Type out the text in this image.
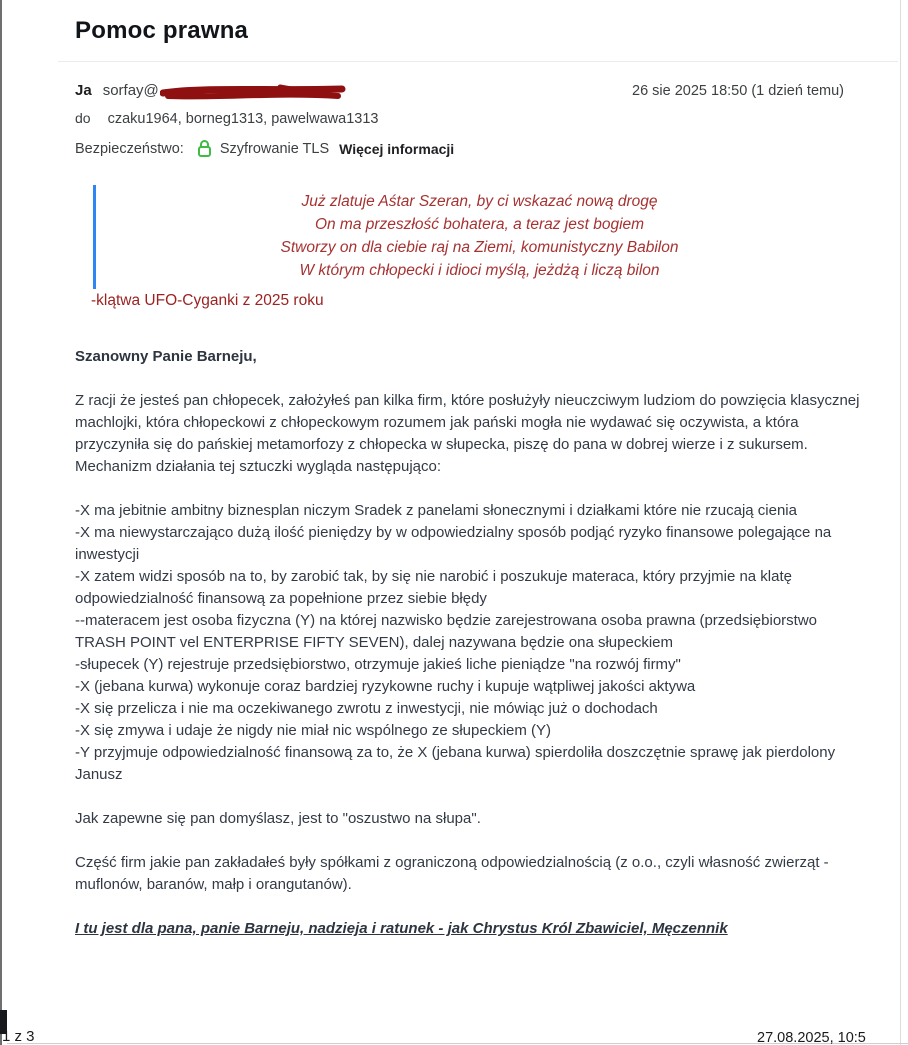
Pomoc prawna
Ja sorfay@	26 sie 2025 18:50 (1 dzień temu)
do czaku1964, borneg1313, pawelwawa1313
Bezpieczeństwo: Szyfrowanie TLS Więcej informacji
Już zlatuje Aśtar Szeran, by ci wskazać nową drogę
On ma przeszłość bohatera, a teraz jest bogiem
Stworzy on dla ciebie raj na Ziemi, komunistyczny Babilon
W którym chłopecki i idioci myślą, jeżdżą i liczą bilon
-klątwa UFO-Cyganki z 2025 roku

Szanowny Panie Barneju,

Z racji że jesteś pan chłopecek, założyłeś pan kilka firm, które posłużyły nieuczciwym ludziom do powzięcia klasycznej machlojki, która chłopeckowi z chłopeckowym rozumem jak pański mogła nie wydawać się oczywista, a która przyczyniła się do pańskiej metamorfozy z chłopecka w słupecka, piszę do pana w dobrej wierze i z sukursem. Mechanizm działania tej sztuczki wygląda następująco:

-X ma jebitnie ambitny biznesplan niczym Sradek z panelami słonecznymi i działkami które nie rzucają cienia
-X ma niewystarczająco dużą ilość pieniędzy by w odpowiedzialny sposób podjąć ryzyko finansowe polegające na inwestycji
-X zatem widzi sposób na to, by zarobić tak, by się nie narobić i poszukuje materaca, który przyjmie na klatę odpowiedzialność finansową za popełnione przez siebie błędy
--materacem jest osoba fizyczna (Y) na której nazwisko będzie zarejestrowana osoba prawna (przedsiębiorstwo TRASH POINT vel ENTERPRISE FIFTY SEVEN), dalej nazywana będzie ona słupeckiem
-słupecek (Y) rejestruje przedsiębiorstwo, otrzymuje jakieś liche pieniądze "na rozwój firmy"
-X (jebana kurwa) wykonuje coraz bardziej ryzykowne ruchy i kupuje wątpliwej jakości aktywa
-X się przelicza i nie ma oczekiwanego zwrotu z inwestycji, nie mówiąc już o dochodach
-X się zmywa i udaje że nigdy nie miał nic wspólnego ze słupeckiem (Y)
-Y przyjmuje odpowiedzialność finansową za to, że X (jebana kurwa) spierdoliła doszczętnie sprawę jak pierdolony Janusz

Jak zapewne się pan domyślasz, jest to "oszustwo na słupa".

Część firm jakie pan zakładałeś były spółkami z ograniczoną odpowiedzialnością (z o.o., czyli własność zwierząt - muflonów, baranów, małp i orangutanów).

I tu jest dla pana, panie Barneju, nadzieja i ratunek - jak Chrystus Król Zbawiciel, Męczennik

1 z 3	27.08.2025, 10:5
